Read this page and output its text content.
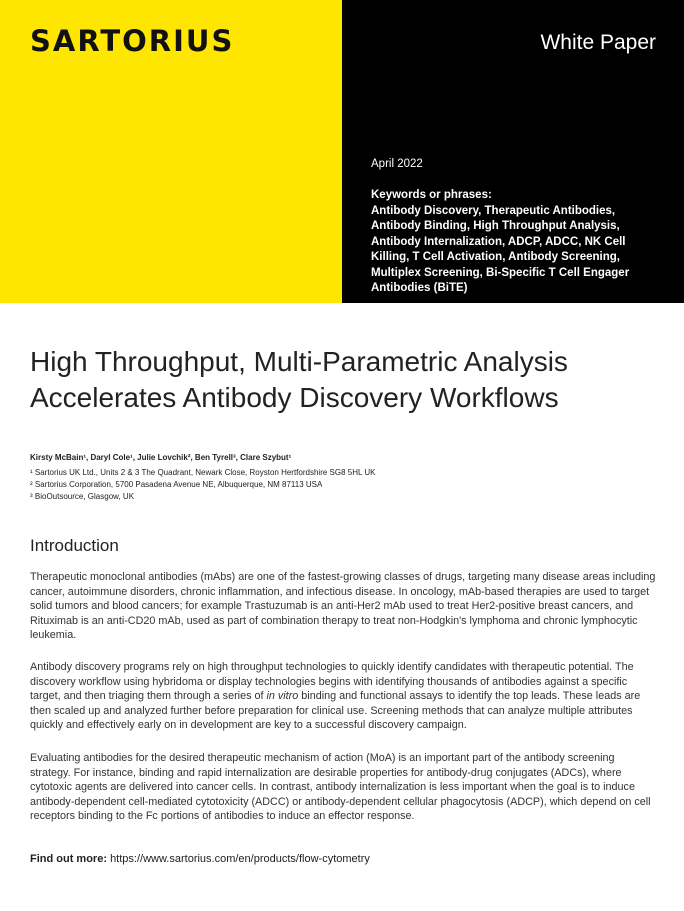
SARTORIUS	White Paper
April 2022
Keywords or phrases:
Antibody Discovery, Therapeutic Antibodies, Antibody Binding, High Throughput Analysis, Antibody Internalization, ADCP, ADCC, NK Cell Killing, T Cell Activation, Antibody Screening, Multiplex Screening, Bi-Specific T Cell Engager Antibodies (BiTE)
High Throughput, Multi-Parametric Analysis Accelerates Antibody Discovery Workflows
Kirsty McBain¹, Daryl Cole¹, Julie Lovchik², Ben Tyrell³, Clare Szybut¹
¹ Sartorius UK Ltd., Units 2 & 3 The Quadrant, Newark Close, Royston Hertfordshire SG8 5HL UK
² Sartorius Corporation, 5700 Pasadena Avenue NE, Albuquerque, NM 87113 USA
³ BioOutsource, Glasgow, UK
Introduction

Therapeutic monoclonal antibodies (mAbs) are one of the fastest-growing classes of drugs, targeting many disease areas including cancer, autoimmune disorders, chronic inflammation, and infectious disease. In oncology, mAb-based therapies are used to target solid tumors and blood cancers; for example Trastuzumab is an anti-Her2 mAb used to treat Her2-positive breast cancers, and Rituximab is an anti-CD20 mAb, used as part of combination therapy to treat non-Hodgkin's lymphoma and chronic lymphocytic leukemia.

Antibody discovery programs rely on high throughput technologies to quickly identify candidates with therapeutic potential. The discovery workflow using hybridoma or display technologies begins with identifying thousands of antibodies against a specific target, and then triaging them through a series of in vitro binding and functional assays to identify the top leads. These leads are then scaled up and analyzed further before preparation for clinical use. Screening methods that can analyze multiple attributes quickly and effectively early on in development are key to a successful discovery campaign.

Evaluating antibodies for the desired therapeutic mechanism of action (MoA) is an important part of the antibody screening strategy. For instance, binding and rapid internalization are desirable properties for antibody-drug conjugates (ADCs), where cytotoxic agents are delivered into cancer cells. In contrast, antibody internalization is less important when the goal is to induce antibody-dependent cell-mediated cytotoxicity (ADCC) or antibody-dependent cellular phagocytosis (ADCP), which depend on cell receptors binding to the Fc portions of antibodies to induce an effector response.

Find out more: https://www.sartorius.com/en/products/flow-cytometry
